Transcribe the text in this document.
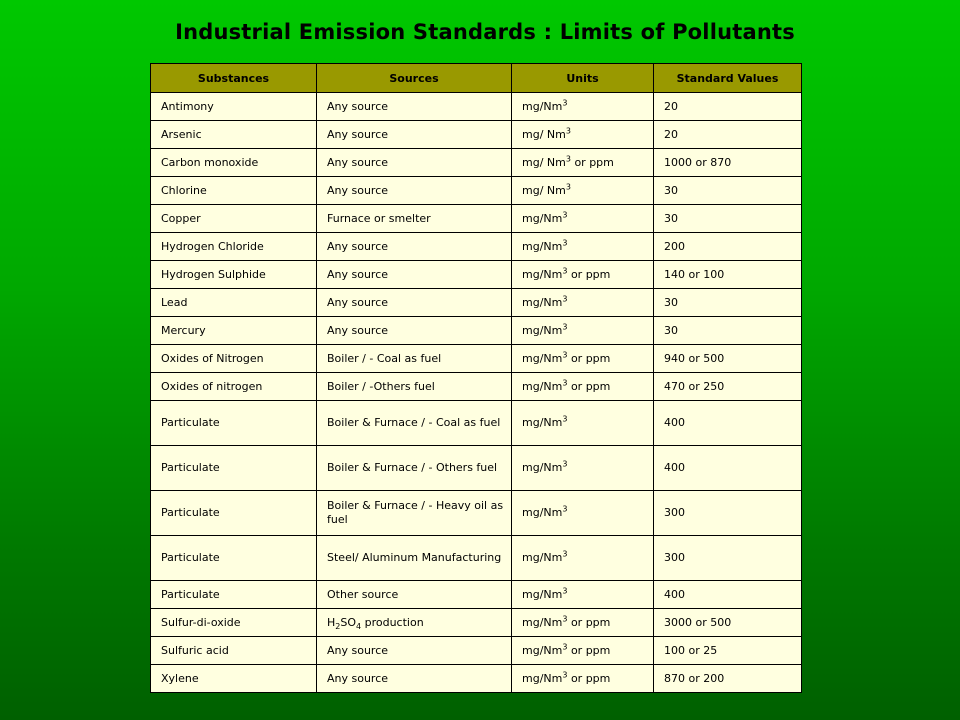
Industrial Emission Standards : Limits of Pollutants
Substances	Sources	Units	Standard Values
Antimony	Any source	mg/Nm$^3$	20
Arsenic	Any source	mg/ Nm$^3$	20
Carbon monoxide	Any source	mg/ Nm$^3$ or ppm	1000 or 870
Chlorine	Any source	mg/ Nm$^3$	30
Copper	Furnace or smelter	mg/Nm$^3$	30
Hydrogen Chloride	Any source	mg/Nm$^3$	200
Hydrogen Sulphide	Any source	mg/Nm$^3$ or ppm	140 or 100
Lead	Any source	mg/Nm$^3$	30
Mercury	Any source	mg/Nm$^3$	30
Oxides of Nitrogen	Boiler / - Coal as fuel	mg/Nm$^3$ or ppm	940 or 500
Oxides of nitrogen	Boiler / -Others fuel	mg/Nm$^3$ or ppm	470 or 250
Particulate	Boiler & Furnace / - Coal as fuel	mg/Nm$^3$	400
Particulate	Boiler & Furnace / - Others fuel	mg/Nm$^3$	400
Particulate	Boiler & Furnace / - Heavy oil as fuel	mg/Nm$^3$	300
Particulate	Steel/ Aluminum Manufacturing	mg/Nm$^3$	300
Particulate	Other source	mg/Nm$^3$	400
Sulfur-di-oxide	$H_2SO_4$ production	mg/Nm$^3$ or ppm	3000 or 500
Sulfuric acid	Any source	mg/Nm$^3$ or ppm	100 or 25
Xylene	Any source	mg/Nm$^3$ or ppm	870 or 200
